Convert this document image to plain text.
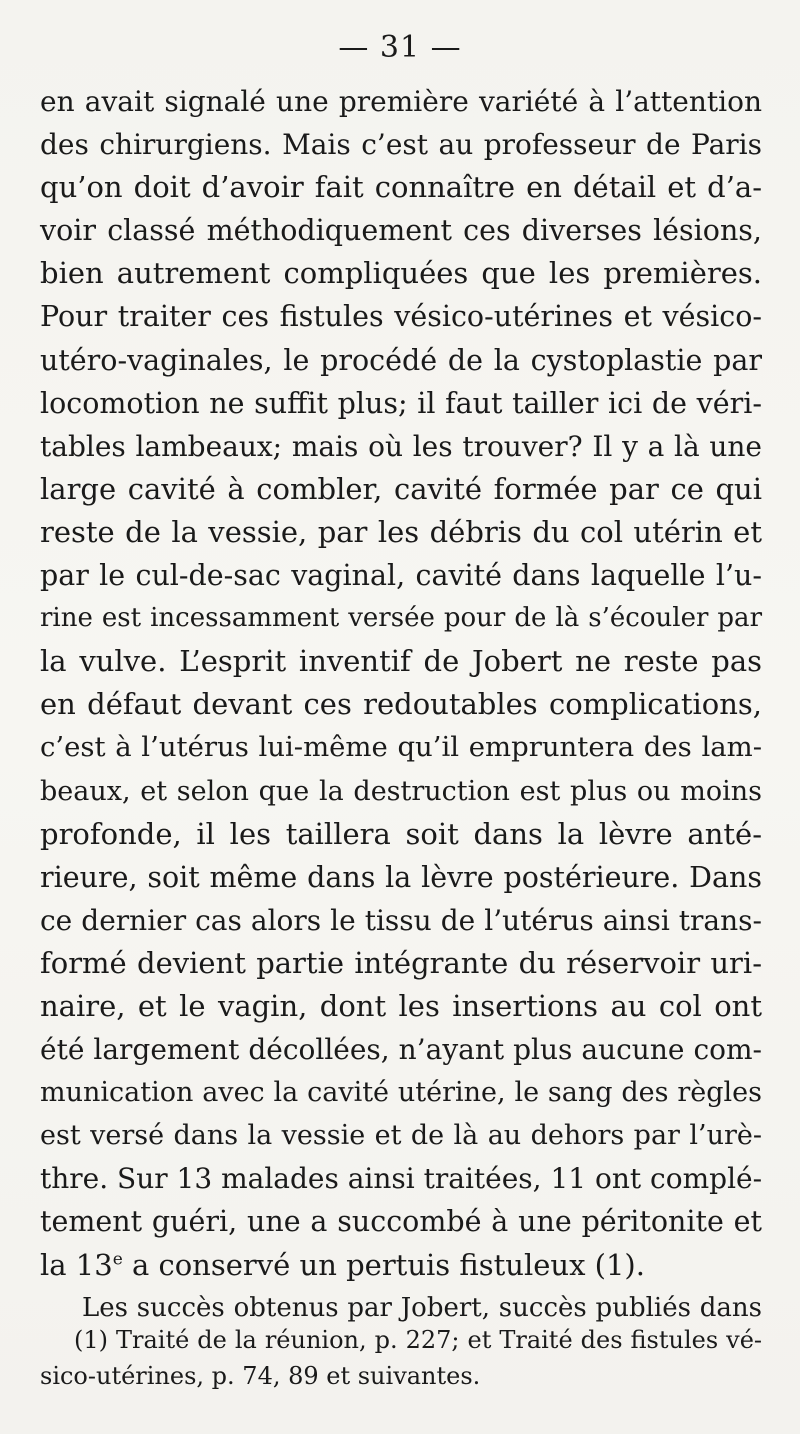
— 31 —
en avait signalé une première variété à l’attention
des chirurgiens. Mais c’est au professeur de Paris
qu’on doit d’avoir fait connaître en détail et d’a-
voir classé méthodiquement ces diverses lésions,
bien autrement compliquées que les premières.
Pour traiter ces fistules vésico-utérines et vésico-
utéro-vaginales, le procédé de la cystoplastie par
locomotion ne suffit plus; il faut tailler ici de véri-
tables lambeaux; mais où les trouver? Il y a là une
large cavité à combler, cavité formée par ce qui
reste de la vessie, par les débris du col utérin et
par le cul-de-sac vaginal, cavité dans laquelle l’u-
rine est incessamment versée pour de là s’écouler par
la vulve. L’esprit inventif de Jobert ne reste pas
en défaut devant ces redoutables complications,
c’est à l’utérus lui-même qu’il empruntera des lam-
beaux, et selon que la destruction est plus ou moins
profonde, il les taillera soit dans la lèvre anté-
rieure, soit même dans la lèvre postérieure. Dans
ce dernier cas alors le tissu de l’utérus ainsi trans-
formé devient partie intégrante du réservoir uri-
naire, et le vagin, dont les insertions au col ont
été largement décollées, n’ayant plus aucune com-
munication avec la cavité utérine, le sang des règles
est versé dans la vessie et de là au dehors par l’urè-
thre. Sur 13 malades ainsi traitées, 11 ont complé-
tement guéri, une a succombé à une péritonite et
la 13e a conservé un pertuis fistuleux (1).
Les succès obtenus par Jobert, succès publiés dans
(1) Traité de la réunion, p. 227; et Traité des fistules vé-
sico-utérines, p. 74, 89 et suivantes.
